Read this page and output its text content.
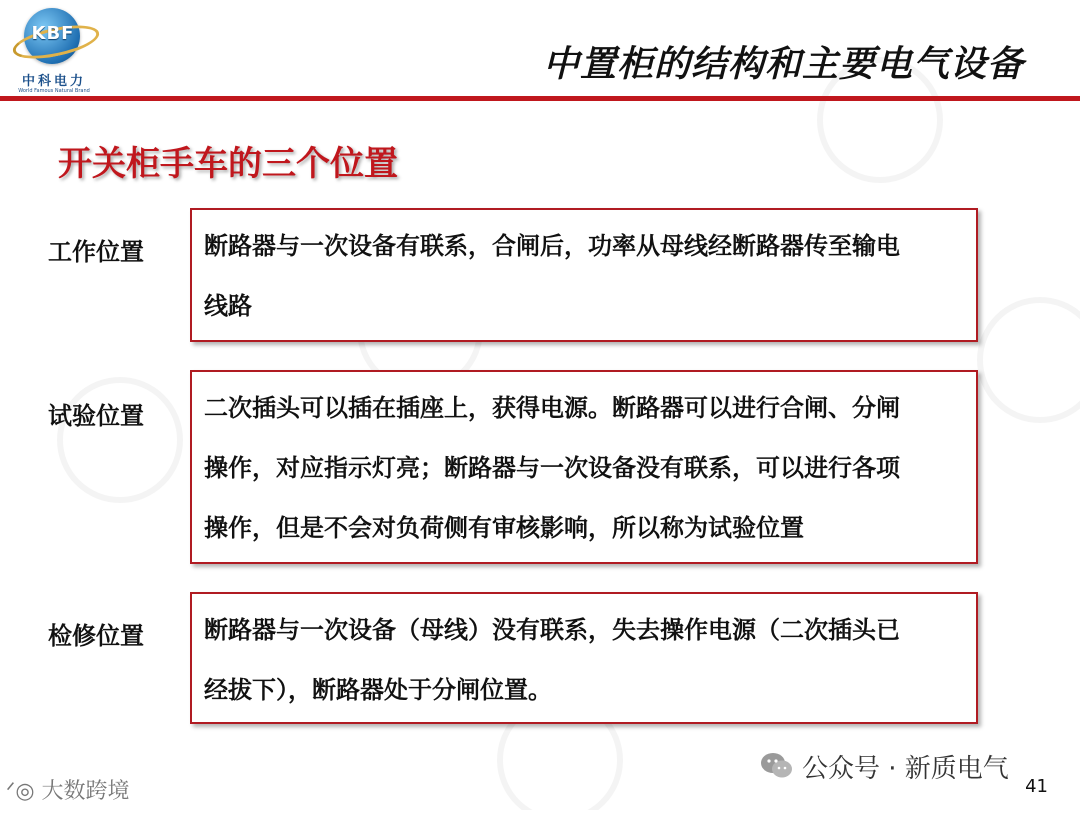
KBF
中科电力
World Famous Natural Brand
中置柜的结构和主要电气设备
开关柜手车的三个位置
工作位置	断路器与一次设备有联系，合闸后，功率从母线经断路器传至输电
线路
试验位置	二次插头可以插在插座上，获得电源。断路器可以进行合闸、分闸
操作，对应指示灯亮；断路器与一次设备没有联系，可以进行各项
操作，但是不会对负荷侧有审核影响，所以称为试验位置
检修位置	断路器与一次设备（母线）没有联系，失去操作电源（二次插头已
经拔下），断路器处于分闸位置。
公众号 · 新质电气
41
ᐟ◎ 大数跨境
